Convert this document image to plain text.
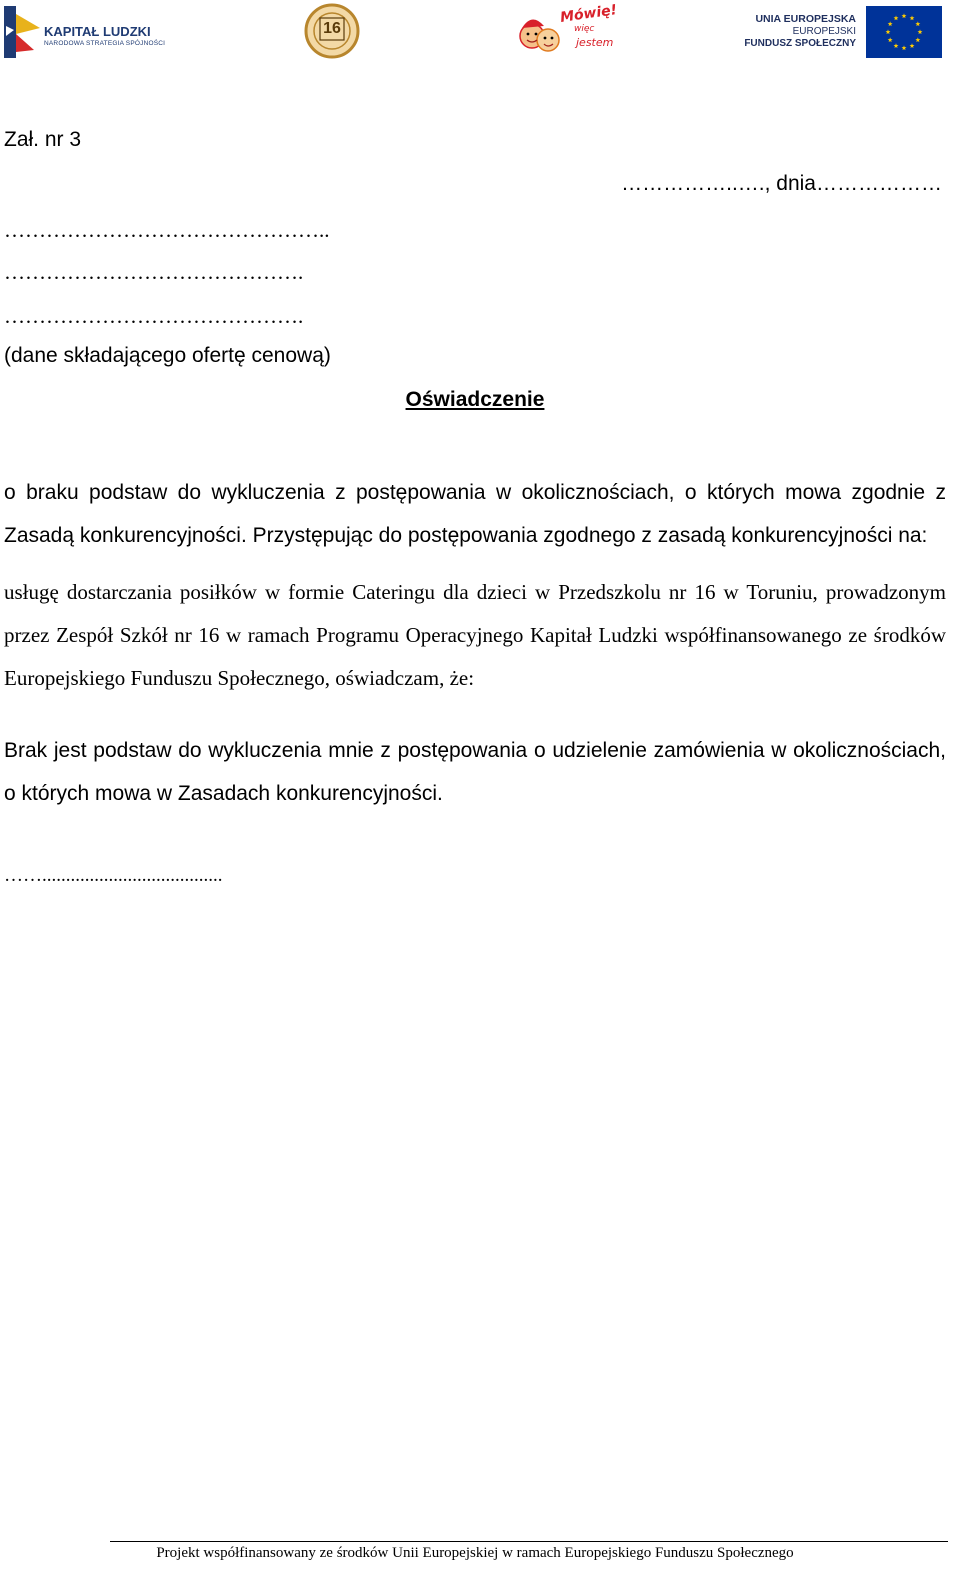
KAPITAŁ LUDZKI
NARODOWA STRATEGIA SPÓJNOŚCI
16
Mówię!
więc
jestem
UNIA EUROPEJSKA
EUROPEJSKI
FUNDUSZ SPOŁECZNY
Zał. nr 3
……………..…., dnia………………
………………………………………..
…………………………………….
…………………………………….
(dane składającego ofertę cenową)
Oświadczenie
o braku podstaw do wykluczenia z postępowania w okolicznościach, o których mowa zgodnie z Zasadą konkurencyjności. Przystępując do postępowania zgodnego z zasadą konkurencyjności na:
usługę dostarczania posiłków w formie Cateringu dla dzieci w Przedszkolu nr 16 w Toruniu, prowadzonym przez Zespół Szkół nr 16 w ramach Programu Operacyjnego Kapitał Ludzki współfinansowanego ze środków Europejskiego Funduszu Społecznego, oświadczam, że:
Brak jest podstaw do wykluczenia mnie z postępowania o udzielenie zamówienia w okolicznościach, o których mowa w Zasadach konkurencyjności.
……......................................
Projekt współfinansowany ze środków Unii Europejskiej w ramach Europejskiego Funduszu Społecznego
